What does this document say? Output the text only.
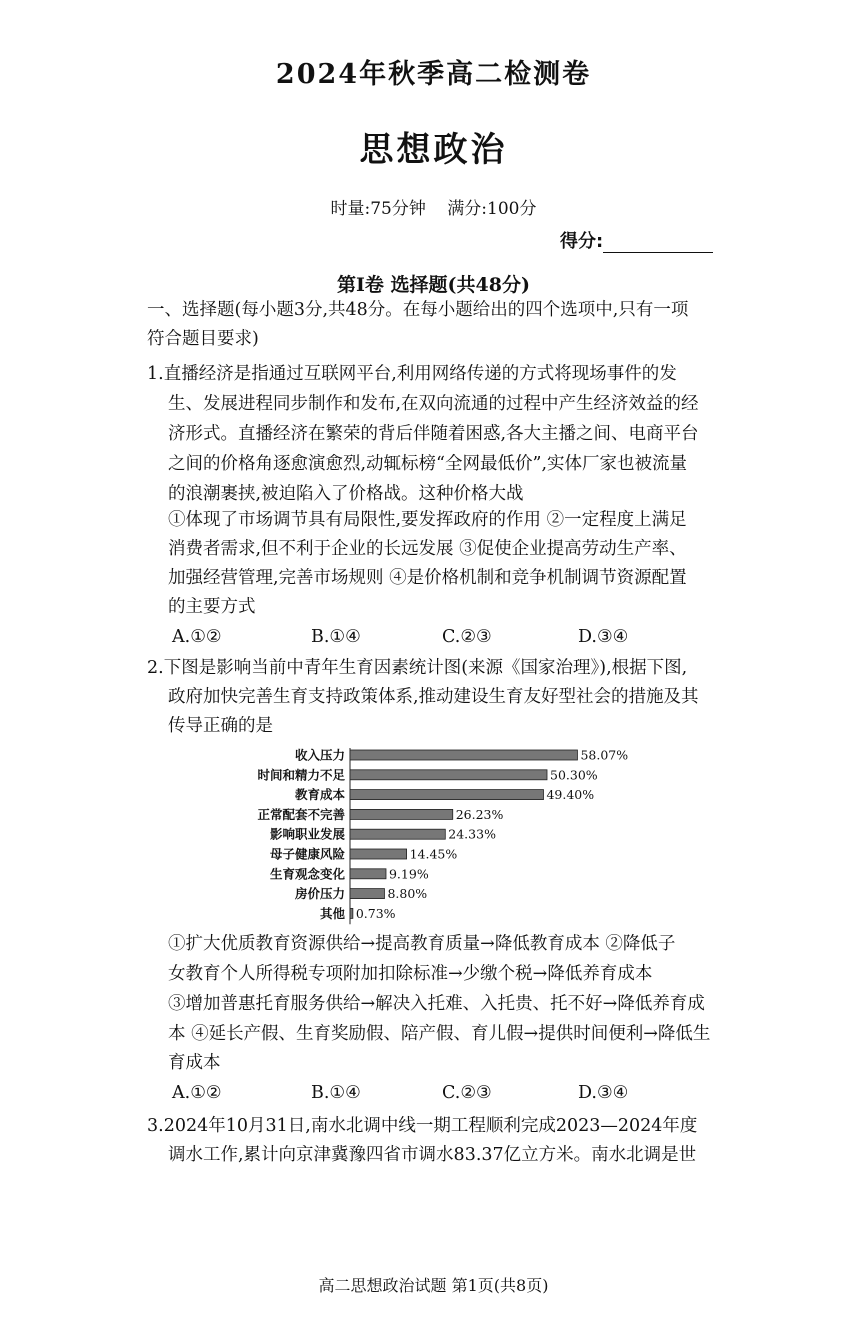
2024年秋季高二检测卷
思想政治
时量:75分钟 满分:100分
得分:
第Ⅰ卷 选择题(共48分)
一、选择题(每小题3分,共48分。在每小题给出的四个选项中,只有一项
符合题目要求)
1.直播经济是指通过互联网平台,利用网络传递的方式将现场事件的发
生、发展进程同步制作和发布,在双向流通的过程中产生经济效益的经
济形式。直播经济在繁荣的背后伴随着困惑,各大主播之间、电商平台
之间的价格角逐愈演愈烈,动辄标榜“全网最低价”,实体厂家也被流量
的浪潮裹挟,被迫陷入了价格战。这种价格大战
①体现了市场调节具有局限性,要发挥政府的作用 ②一定程度上满足
消费者需求,但不利于企业的长远发展 ③促使企业提高劳动生产率、
加强经营管理,完善市场规则 ④是价格机制和竞争机制调节资源配置
的主要方式
A.①②	B.①④	C.②③	D.③④
2.下图是影响当前中青年生育因素统计图(来源《国家治理》),根据下图,
政府加快完善生育支持政策体系,推动建设生育友好型社会的措施及其
传导正确的是
收入压力	58.07%
时间和精力不足	50.30%
教育成本	49.40%
正常配套不完善	26.23%
影响职业发展	24.33%
母子健康风险	14.45%
生育观念变化	9.19%
房价压力	8.80%
其他 0.73%
①扩大优质教育资源供给→提高教育质量→降低教育成本 ②降低子
女教育个人所得税专项附加扣除标准→少缴个税→降低养育成本
③增加普惠托育服务供给→解决入托难、入托贵、托不好→降低养育成
本 ④延长产假、生育奖励假、陪产假、育儿假→提供时间便利→降低生
育成本
A.①②	B.①④	C.②③	D.③④
3.2024年10月31日,南水北调中线一期工程顺利完成2023—2024年度
调水工作,累计向京津冀豫四省市调水83.37亿立方米。南水北调是世
高二思想政治试题 第1页(共8页)
